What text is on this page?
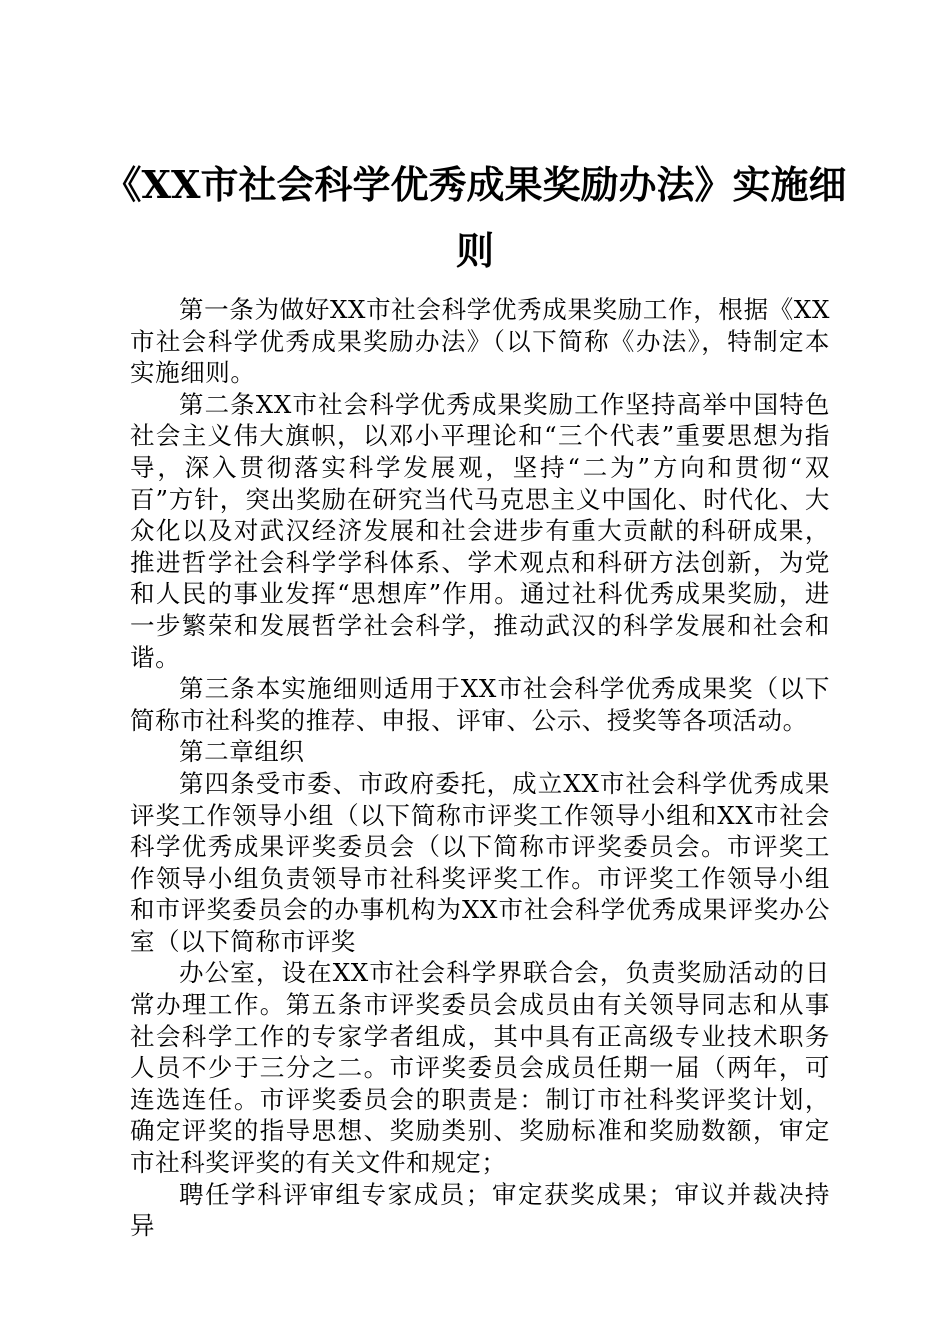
《XX市社会科学优秀成果奖励办法》实施细则

第一条为做好XX市社会科学优秀成果奖励工作，根据《XX市社会科学优秀成果奖励办法》（以下简称《办法》，特制定本实施细则。

第二条XX市社会科学优秀成果奖励工作坚持高举中国特色社会主义伟大旗帜，以邓小平理论和“三个代表”重要思想为指导，深入贯彻落实科学发展观，坚持“二为”方向和贯彻“双百”方针，突出奖励在研究当代马克思主义中国化、时代化、大众化以及对武汉经济发展和社会进步有重大贡献的科研成果，推进哲学社会科学学科体系、学术观点和科研方法创新，为党和人民的事业发挥“思想库”作用。通过社科优秀成果奖励，进一步繁荣和发展哲学社会科学，推动武汉的科学发展和社会和谐。

第三条本实施细则适用于XX市社会科学优秀成果奖（以下简称市社科奖的推荐、申报、评审、公示、授奖等各项活动。

第二章组织

第四条受市委、市政府委托，成立XX市社会科学优秀成果评奖工作领导小组（以下简称市评奖工作领导小组和XX市社会科学优秀成果评奖委员会（以下简称市评奖委员会。市评奖工作领导小组负责领导市社科奖评奖工作。市评奖工作领导小组和市评奖委员会的办事机构为XX市社会科学优秀成果评奖办公室（以下简称市评奖

办公室，设在XX市社会科学界联合会，负责奖励活动的日常办理工作。第五条市评奖委员会成员由有关领导同志和从事社会科学工作的专家学者组成，其中具有正高级专业技术职务人员不少于三分之二。市评奖委员会成员任期一届（两年，可连选连任。市评奖委员会的职责是：制订市社科奖评奖计划，确定评奖的指导思想、奖励类别、奖励标准和奖励数额，审定市社科奖评奖的有关文件和规定；

聘任学科评审组专家成员；审定获奖成果；审议并裁决持异
